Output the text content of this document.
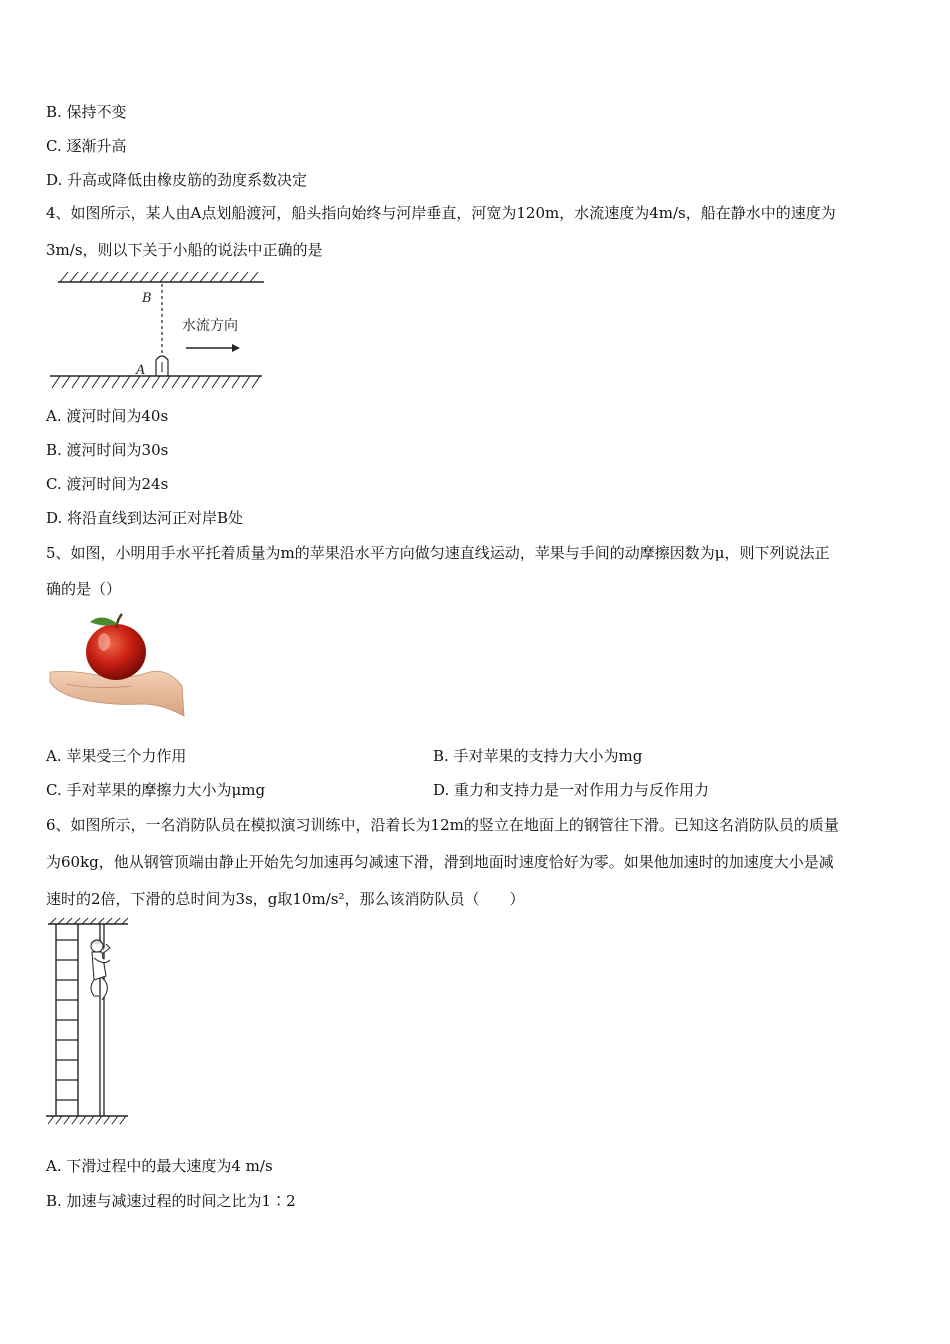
B. 保持不变
C. 逐渐升高
D. 升高或降低由橡皮筋的劲度系数决定
4、如图所示，某人由A点划船渡河，船头指向始终与河岸垂直，河宽为120m，水流速度为4m/s，船在静水中的速度为
3m/s，则以下关于小船的说法中正确的是
B
A
水流方向
A. 渡河时间为40s
B. 渡河时间为30s
C. 渡河时间为24s
D. 将沿直线到达河正对岸B处
5、如图，小明用手水平托着质量为m的苹果沿水平方向做匀速直线运动，苹果与手间的动摩擦因数为μ，则下列说法正
确的是（）
A. 苹果受三个力作用	B. 手对苹果的支持力大小为mg
C. 手对苹果的摩擦力大小为μmg	D. 重力和支持力是一对作用力与反作用力
6、如图所示，一名消防队员在模拟演习训练中，沿着长为12m的竖立在地面上的钢管往下滑。已知这名消防队员的质量
为60kg，他从钢管顶端由静止开始先匀加速再匀减速下滑，滑到地面时速度恰好为零。如果他加速时的加速度大小是减
速时的2倍，下滑的总时间为3s，g取10m/s²，那么该消防队员（　　）
A. 下滑过程中的最大速度为4 m/s
B. 加速与减速过程的时间之比为1∶2
